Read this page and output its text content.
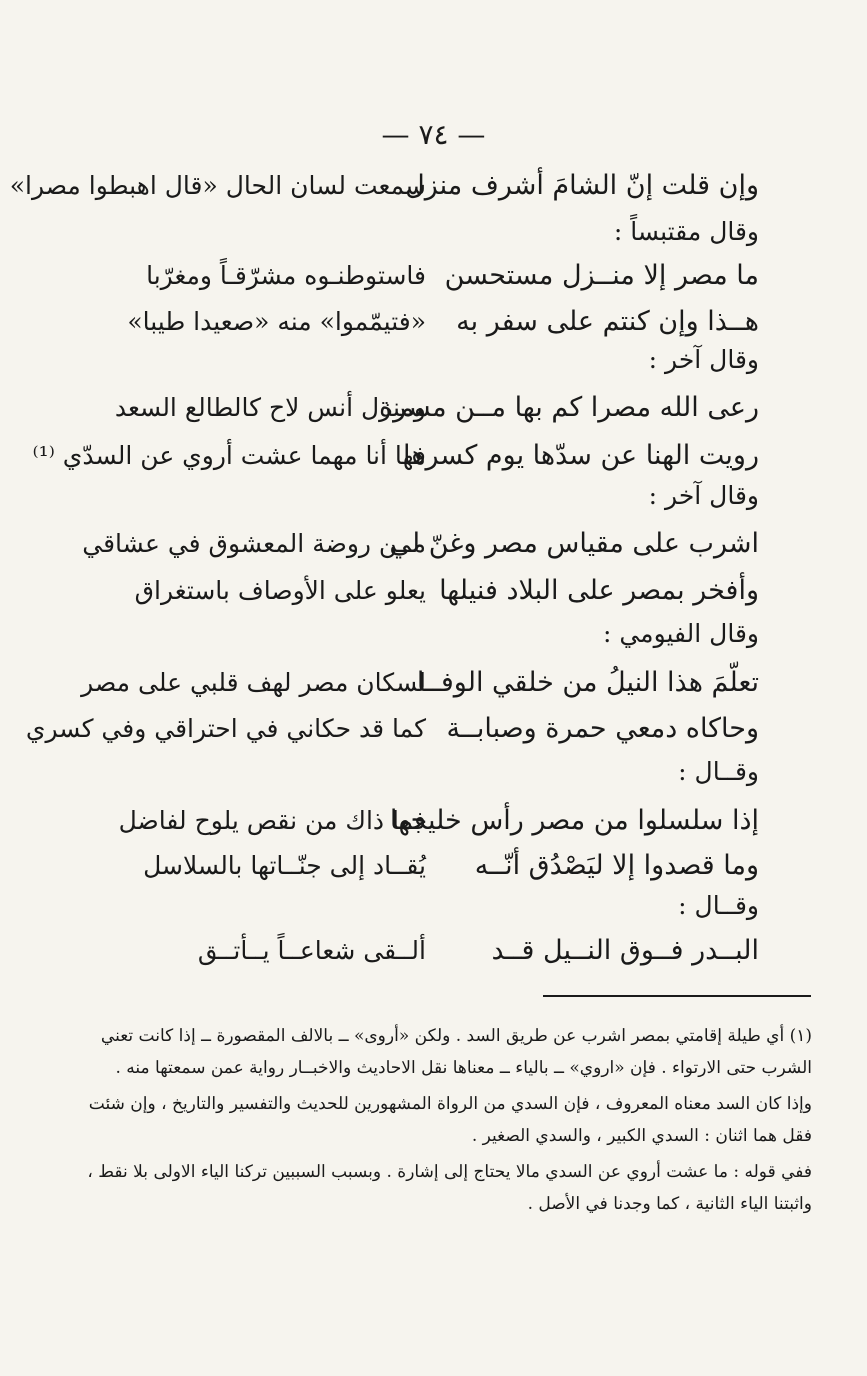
— ٧٤ —
وإن قلت إنّ الشامَ أشرف منزل
سمعت لسان الحال «قال اهبطوا مصرا»
وقال مقتبساً :
ما مصر إلا منــزل مستحسن
فاستوطنـوه مشرّقـاً ومغرّبا
هــذا وإن كنتم على سفر به
«فتيمّموا» منه «صعيدا طيبا»
وقال آخر :
رعى الله مصرا كم بها مــن مسرة
ومنزل أنس لاح كالطالع السعد
رويت الهنا عن سدّها يوم كسرها
فها أنا مهما عشت أروي عن السدّي ⁽¹⁾
وقال آخر :
اشرب على مقياس مصر وغنّ لي
مــن روضة المعشوق في عشاقي
وأفخر بمصر على البلاد فنيلها
يعلو على الأوصاف باستغراق
وقال الفيومي :
تعلّمَ هذا النيلُ من خلقي الوفــا
لسكان مصر لهف قلبي على مصر
وحاكاه دمعي حمرة وصبابــة
كما قد حكاني في احتراقي وفي كسري
وقــال :
إذا سلسلوا من مصر رأس خليجها
فما ذاك من نقص يلوح لفاضل
وما قصدوا إلا ليَصْدُق أنّــه
يُقــاد إلى جنّــاتها بالسلاسل
وقــال :
البــدر فــوق النــيل قــد
ألــقى شعاعــاً يــأتــق

(١) أي طيلة إقامتي بمصر اشرب عن طريق السد . ولكن «أروى» ــ بالالف المقصورة ــ إذا كانت تعني الشرب حتى الارتواء . فإن «اروي» ــ بالياء ــ معناها نقل الاحاديث والاخبــار رواية عمن سمعتها منه .

وإذا كان السد معناه المعروف ، فإن السدي من الرواة المشهورين للحديث والتفسير والتاريخ ، وإن شئت فقل هما اثنان : السدي الكبير ، والسدي الصغير .

ففي قوله : ما عشت أروي عن السدي مالا يحتاج إلى إشارة . وبسبب السببين تركنا الياء الاولى بلا نقط ، واثبتنا الياء الثانية ، كما وجدنا في الأصل .
